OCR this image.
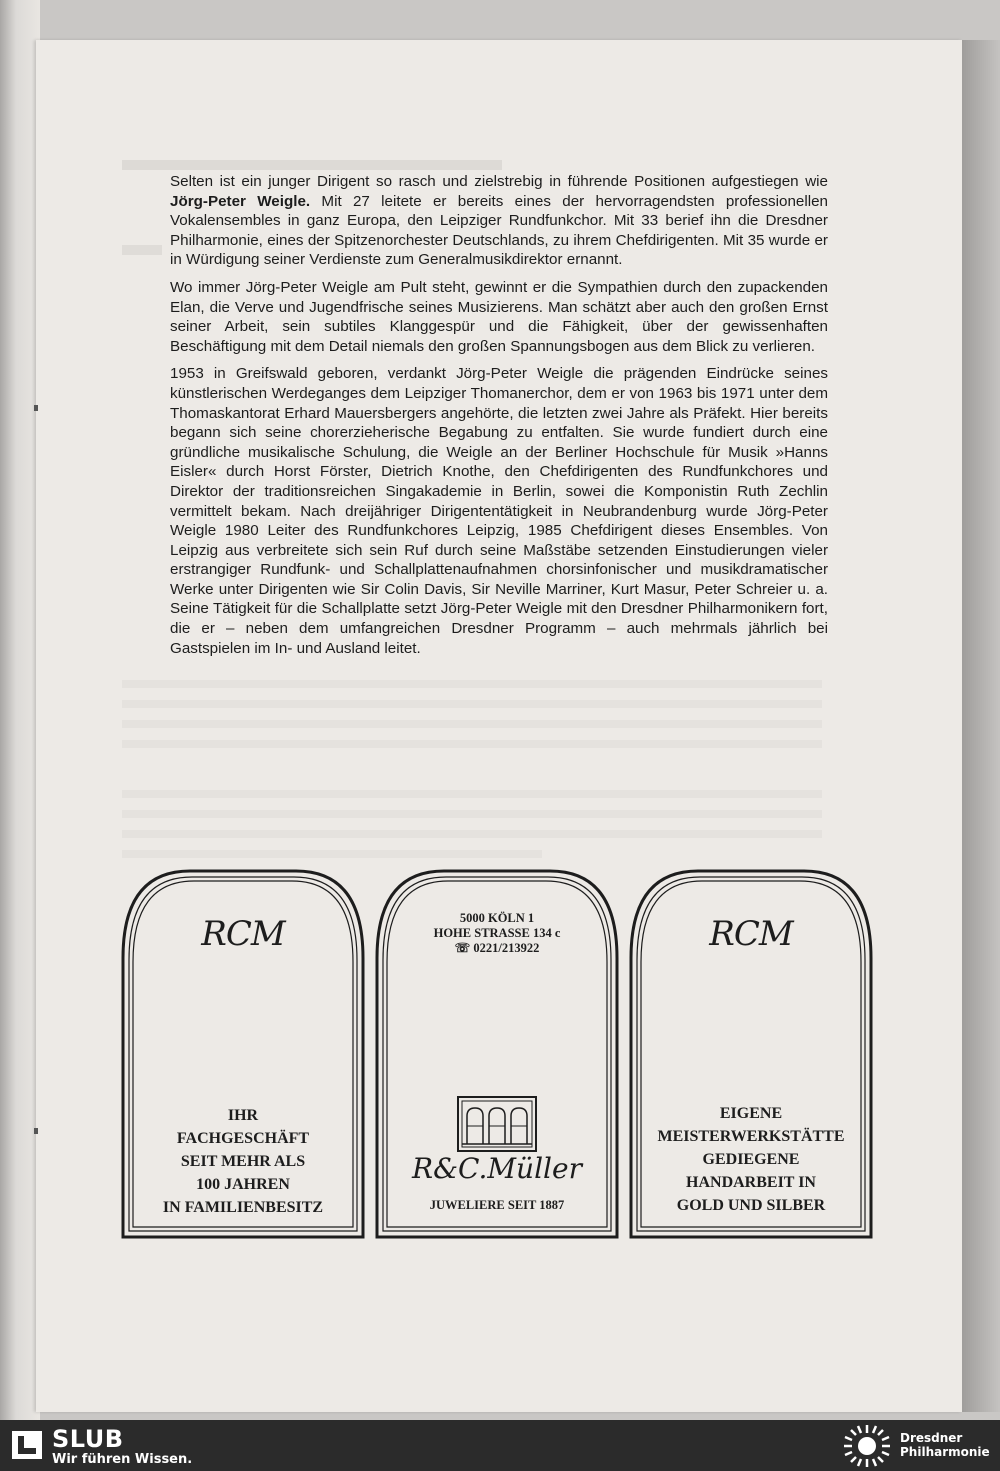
Selten ist ein junger Dirigent so rasch und zielstrebig in führende Positionen aufgestiegen wie Jörg-Peter Weigle. Mit 27 leitete er bereits eines der hervorragendsten professionellen Vokalensembles in ganz Europa, den Leipziger Rundfunkchor. Mit 33 berief ihn die Dresdner Philharmonie, eines der Spitzenorchester Deutschlands, zu ihrem Chefdirigenten. Mit 35 wurde er in Würdigung seiner Verdienste zum Generalmusikdirektor ernannt.

Wo immer Jörg-Peter Weigle am Pult steht, gewinnt er die Sympathien durch den zupackenden Elan, die Verve und Jugendfrische seines Musizierens. Man schätzt aber auch den großen Ernst seiner Arbeit, sein subtiles Klanggespür und die Fähigkeit, über der gewissenhaften Beschäftigung mit dem Detail niemals den großen Spannungsbogen aus dem Blick zu verlieren.

1953 in Greifswald geboren, verdankt Jörg-Peter Weigle die prägenden Eindrücke seines künstlerischen Werdeganges dem Leipziger Thomanerchor, dem er von 1963 bis 1971 unter dem Thomaskantorat Erhard Mauersbergers angehörte, die letzten zwei Jahre als Präfekt. Hier bereits begann sich seine chorerzieherische Begabung zu entfalten. Sie wurde fundiert durch eine gründliche musikalische Schulung, die Weigle an der Berliner Hochschule für Musik »Hanns Eisler« durch Horst Förster, Dietrich Knothe, den Chefdirigenten des Rundfunkchores und Direktor der traditionsreichen Singakademie in Berlin, sowei die Komponistin Ruth Zechlin vermittelt bekam. Nach dreijähriger Dirigententätigkeit in Neubrandenburg wurde Jörg-Peter Weigle 1980 Leiter des Rundfunkchores Leipzig, 1985 Chefdirigent dieses Ensembles. Von Leipzig aus verbreitete sich sein Ruf durch seine Maßstäbe setzenden Einstudierungen vieler erstrangiger Rundfunk- und Schallplattenaufnahmen chorsinfonischer und musikdramatischer Werke unter Dirigenten wie Sir Colin Davis, Sir Neville Marriner, Kurt Masur, Peter Schreier u. a. Seine Tätigkeit für die Schallplatte setzt Jörg-Peter Weigle mit den Dresdner Philharmonikern fort, die er – neben dem umfangreichen Dresdner Programm – auch mehrmals jährlich bei Gastspielen im In- und Ausland leitet.

RCM
IHR
FACHGESCHÄFT
SEIT MEHR ALS
100 JAHREN
IN FAMILIENBESITZ
5000 KÖLN 1
HOHE STRASSE 134 c
☏ 0221/213922
R&C.Müller
JUWELIERE SEIT 1887
RCM
EIGENE
MEISTERWERKSTÄTTE
GEDIEGENE
HANDARBEIT IN
GOLD UND SILBER
SLUB
Wir führen Wissen.
Dresdner
Philharmonie
